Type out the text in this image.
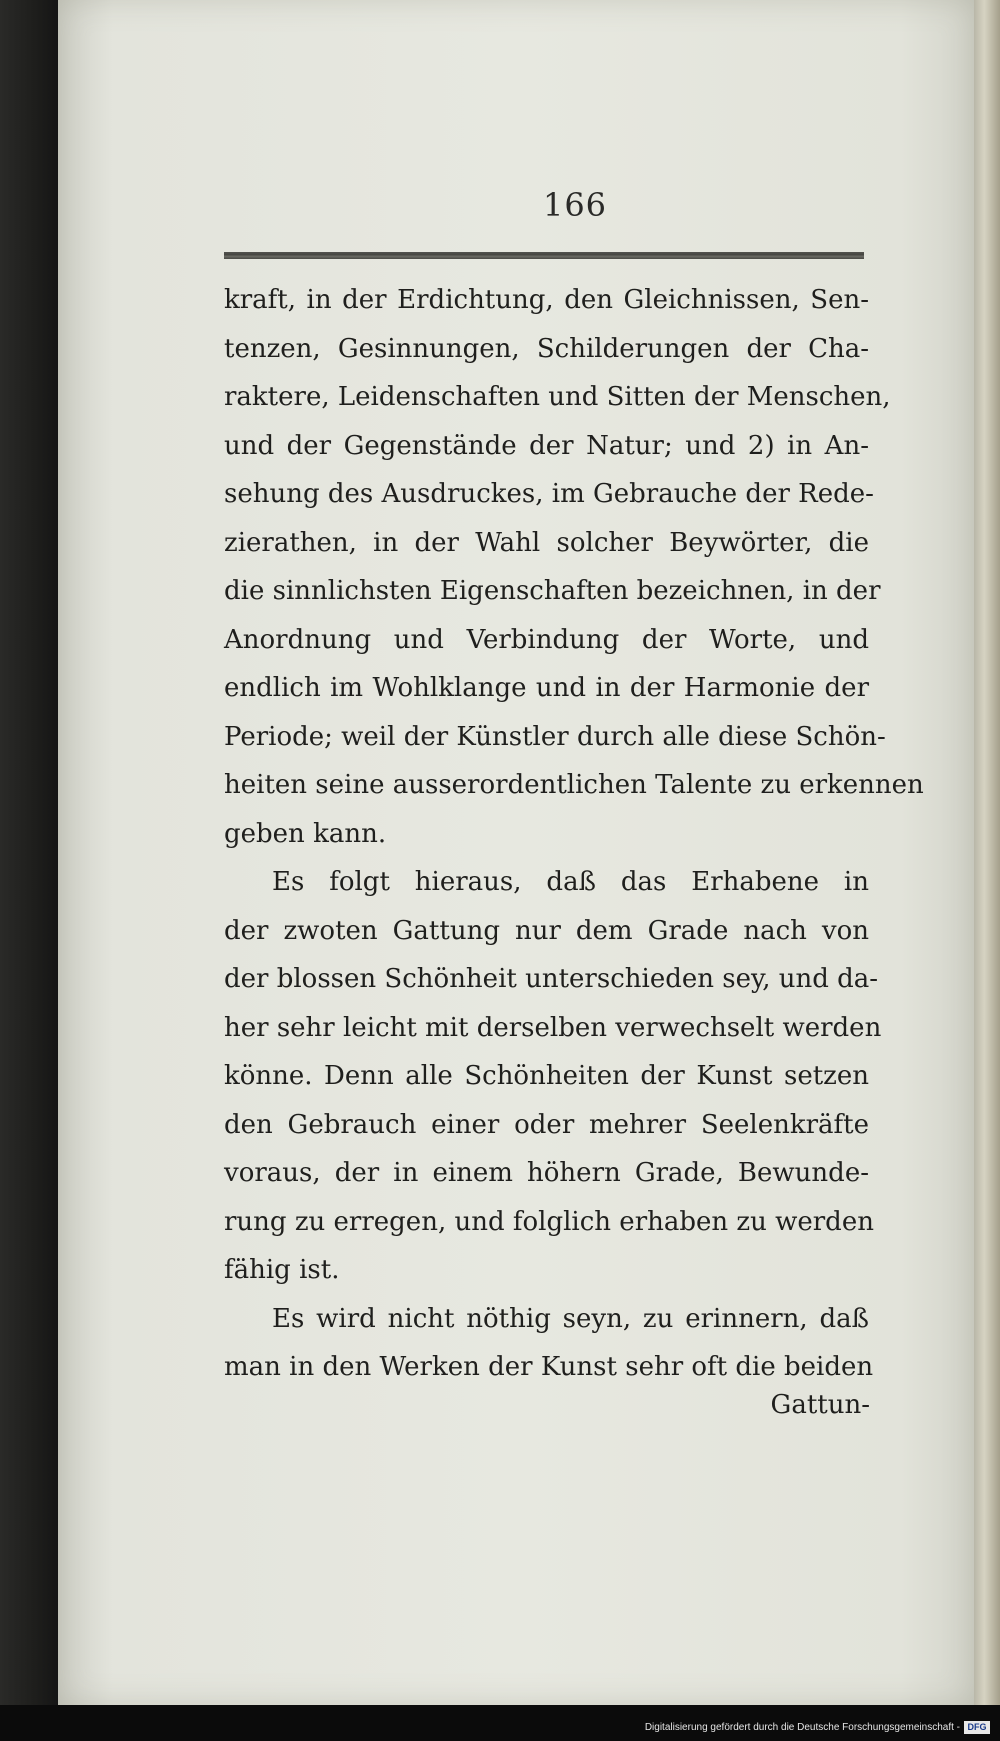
166
kraft, in der Erdichtung, den Gleichnissen, Sen-
tenzen, Gesinnungen, Schilderungen der Cha-
raktere, Leidenschaften und Sitten der Menschen,
und der Gegenstände der Natur; und 2) in An-
sehung des Ausdruckes, im Gebrauche der Rede-
zierathen, in der Wahl solcher Beywörter, die
die sinnlichsten Eigenschaften bezeichnen, in der
Anordnung und Verbindung der Worte, und
endlich im Wohlklange und in der Harmonie der
Periode; weil der Künstler durch alle diese Schön-
heiten seine ausserordentlichen Talente zu erkennen
geben kann.
Es folgt hieraus, daß das Erhabene in
der zwoten Gattung nur dem Grade nach von
der blossen Schönheit unterschieden sey, und da-
her sehr leicht mit derselben verwechselt werden
könne. Denn alle Schönheiten der Kunst setzen
den Gebrauch einer oder mehrer Seelenkräfte
voraus, der in einem höhern Grade, Bewunde-
rung zu erregen, und folglich erhaben zu werden
fähig ist.
Es wird nicht nöthig seyn, zu erinnern, daß
man in den Werken der Kunst sehr oft die beiden
Gattun-
Digitalisierung gefördert durch die Deutsche Forschungsgemeinschaft - DFG
